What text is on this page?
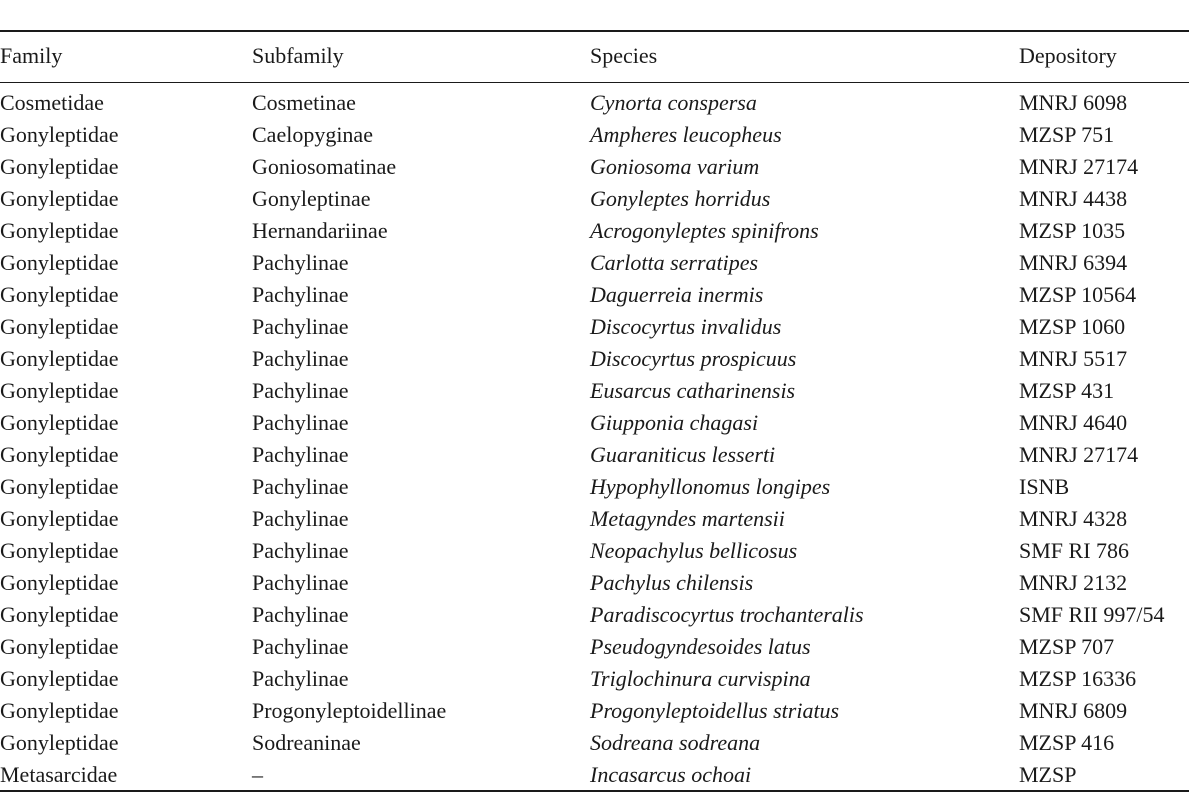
Family	Subfamily	Species	Depository
Cosmetidae	Cosmetinae	Cynorta conspersa	MNRJ 6098
Gonyleptidae	Caelopyginae	Ampheres leucopheus	MZSP 751
Gonyleptidae	Goniosomatinae	Goniosoma varium	MNRJ 27174
Gonyleptidae	Gonyleptinae	Gonyleptes horridus	MNRJ 4438
Gonyleptidae	Hernandariinae	Acrogonyleptes spinifrons	MZSP 1035
Gonyleptidae	Pachylinae	Carlotta serratipes	MNRJ 6394
Gonyleptidae	Pachylinae	Daguerreia inermis	MZSP 10564
Gonyleptidae	Pachylinae	Discocyrtus invalidus	MZSP 1060
Gonyleptidae	Pachylinae	Discocyrtus prospicuus	MNRJ 5517
Gonyleptidae	Pachylinae	Eusarcus catharinensis	MZSP 431
Gonyleptidae	Pachylinae	Giupponia chagasi	MNRJ 4640
Gonyleptidae	Pachylinae	Guaraniticus lesserti	MNRJ 27174
Gonyleptidae	Pachylinae	Hypophyllonomus longipes	ISNB
Gonyleptidae	Pachylinae	Metagyndes martensii	MNRJ 4328
Gonyleptidae	Pachylinae	Neopachylus bellicosus	SMF RI 786
Gonyleptidae	Pachylinae	Pachylus chilensis	MNRJ 2132
Gonyleptidae	Pachylinae	Paradiscocyrtus trochanteralis	SMF RII 997/54
Gonyleptidae	Pachylinae	Pseudogyndesoides latus	MZSP 707
Gonyleptidae	Pachylinae	Triglochinura curvispina	MZSP 16336
Gonyleptidae	Progonyleptoidellinae	Progonyleptoidellus striatus	MNRJ 6809
Gonyleptidae	Sodreaninae	Sodreana sodreana	MZSP 416
Metasarcidae	–	Incasarcus ochoai	MZSP
